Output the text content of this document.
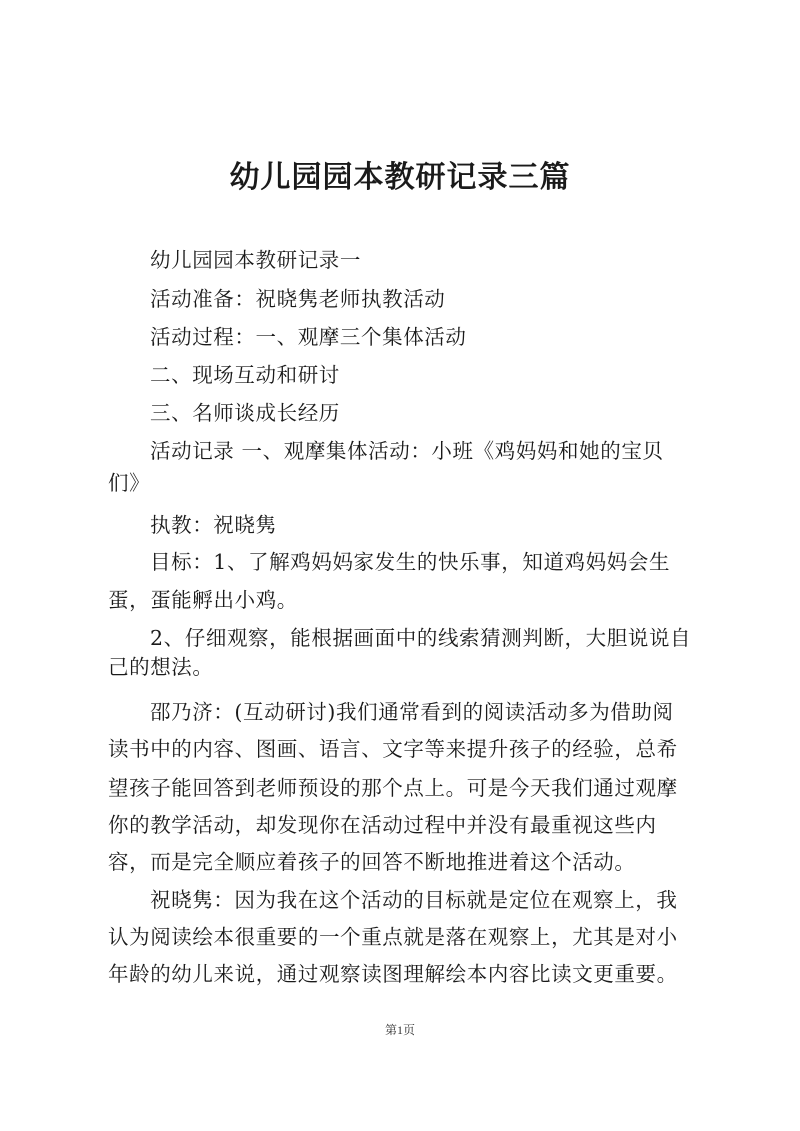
幼儿园园本教研记录三篇
幼儿园园本教研记录一
活动准备：祝晓隽老师执教活动
活动过程：一、观摩三个集体活动
二、现场互动和研讨
三、名师谈成长经历
活动记录 一、观摩集体活动：小班《鸡妈妈和她的宝贝
们》
执教：祝晓隽
目标：1、了解鸡妈妈家发生的快乐事，知道鸡妈妈会生
蛋，蛋能孵出小鸡。
2、仔细观察，能根据画面中的线索猜测判断，大胆说说自
己的想法。
邵乃济：(互动研讨)我们通常看到的阅读活动多为借助阅
读书中的内容、图画、语言、文字等来提升孩子的经验，总希
望孩子能回答到老师预设的那个点上。可是今天我们通过观摩
你的教学活动，却发现你在活动过程中并没有最重视这些内
容，而是完全顺应着孩子的回答不断地推进着这个活动。
祝晓隽：因为我在这个活动的目标就是定位在观察上，我
认为阅读绘本很重要的一个重点就是落在观察上，尤其是对小
年龄的幼儿来说，通过观察读图理解绘本内容比读文更重要。
第1页
